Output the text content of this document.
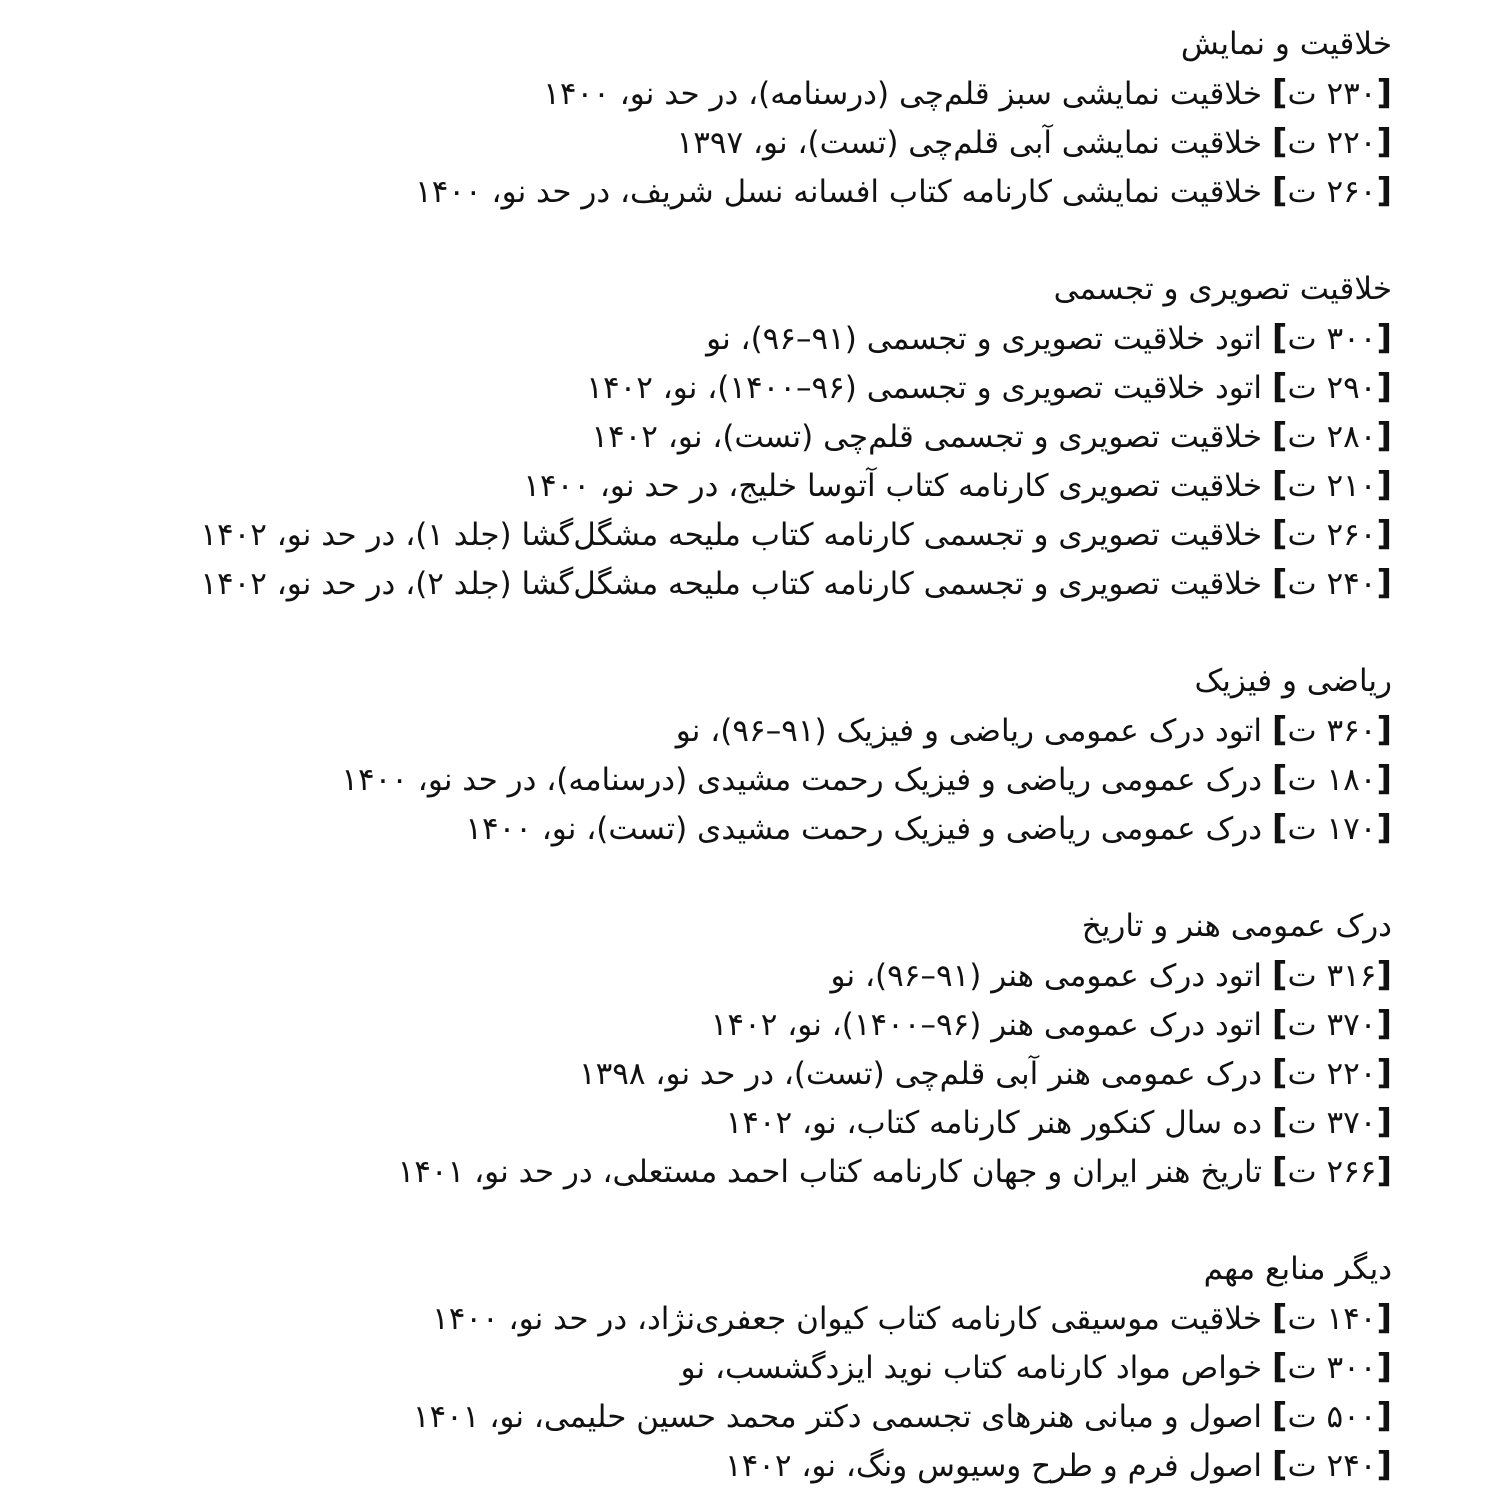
خلاقیت و نمایش
[۲۳۰ ت] خلاقیت نمایشی سبز قلم‌چی (درسنامه)، در حد نو، ۱۴۰۰
[۲۲۰ ت] خلاقیت نمایشی آبی قلم‌چی (تست)، نو، ۱۳۹۷
[۲۶۰ ت] خلاقیت نمایشی کارنامه کتاب افسانه نسل شریف، در حد نو، ۱۴۰۰
خلاقیت تصویری و تجسمی
[۳۰۰ ت] اتود خلاقیت تصویری و تجسمی (۹۱–۹۶)، نو
[۲۹۰ ت] اتود خلاقیت تصویری و تجسمی (۹۶–۱۴۰۰)، نو، ۱۴۰۲
[۲۸۰ ت] خلاقیت تصویری و تجسمی قلم‌چی (تست)، نو، ۱۴۰۲
[۲۱۰ ت] خلاقیت تصویری کارنامه کتاب آتوسا خلیج، در حد نو، ۱۴۰۰
[۲۶۰ ت] خلاقیت تصویری و تجسمی کارنامه کتاب ملیحه مشگل‌گشا (جلد ۱)، در حد نو، ۱۴۰۲
[۲۴۰ ت] خلاقیت تصویری و تجسمی کارنامه کتاب ملیحه مشگل‌گشا (جلد ۲)، در حد نو، ۱۴۰۲
ریاضی و فیزیک
[۳۶۰ ت] اتود درک عمومی ریاضی و فیزیک (۹۱–۹۶)، نو
[۱۸۰ ت] درک عمومی ریاضی و فیزیک رحمت مشیدی (درسنامه)، در حد نو، ۱۴۰۰
[۱۷۰ ت] درک عمومی ریاضی و فیزیک رحمت مشیدی (تست)، نو، ۱۴۰۰
درک عمومی هنر و تاریخ
[۳۱۶ ت] اتود درک عمومی هنر (۹۱–۹۶)، نو
[۳۷۰ ت] اتود درک عمومی هنر (۹۶–۱۴۰۰)، نو، ۱۴۰۲
[۲۲۰ ت] درک عمومی هنر آبی قلم‌چی (تست)، در حد نو، ۱۳۹۸
[۳۷۰ ت] ده سال کنکور هنر کارنامه کتاب، نو، ۱۴۰۲
[۲۶۶ ت] تاریخ هنر ایران و جهان کارنامه کتاب احمد مستعلی، در حد نو، ۱۴۰۱
دیگر منابع مهم
[۱۴۰ ت] خلاقیت موسیقی کارنامه کتاب کیوان جعفری‌نژاد، در حد نو، ۱۴۰۰
[۳۰۰ ت] خواص مواد کارنامه کتاب نوید ایزدگشسب، نو
[۵۰۰ ت] اصول و مبانی هنرهای تجسمی دکتر محمد حسین حلیمی، نو، ۱۴۰۱
[۲۴۰ ت] اصول فرم و طرح وسیوس ونگ، نو، ۱۴۰۲
